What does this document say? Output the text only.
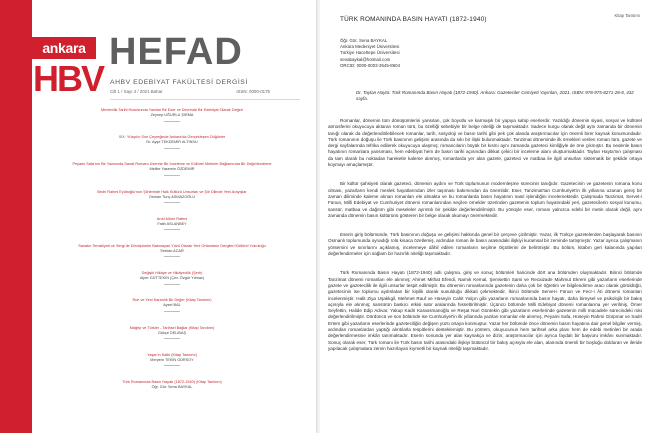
ankara
HBV
HEFAD
AHBV EDEBİYAT FAKÜLTESİ DERGİSİ
Cilt 1 / Sayı 4 / 2021 Bahar	ISSN: 0000-0175
Mevlevilik Tarihi Hususunda Yazılan Bir Eser ve Devrinde Bir Edebiyat Olarak Değeri
Zeynep UĞURLU ŞIRMA
XIX. Yüzyılın Son Çeyreğinde Ankara'da Gerçekleşen Düğünler
Dr. Ayşe TEKDEMİR ALTINSU
Peyami Safa'nın Bir Yazısında Sanat Romanı Üzerine Bir İnceleme ve Kültürel Metinler Bağlamında Bir Değerlendirme
Melike Yasemin ÖZDEMİR
Bedri Rahmi Eyüboğlu'nun Şiirlerinde Halk Kültürü Unsurları ve Şiir Dilinde Yeni Arayışlar
Osman Tunç ASMAZOĞLU
Ardıl Münir Rafeni
Fatih ASLANBEY
Sanatın Temsiliyeti ve Sergi ile Dönüşümün Bakmayan Yüzü Olarak Yeni Ortamların Dergileri Kültürel Yolculuğu
Serkan ACAR
Değişik Hikâye ve Hikâyecilik (Şerh)
Alper GÜTTEKİN (Çev. Özgür Yılmaz)
Ruh ve Yeni Karanlık Bir Değer (Kitap Tanıtımı)
Aysel BAL
Mağrip ve Türkler - Tarihsel Bağlar (Kitap Tanıtımı)
Gökçe DELİBAŞ
Yaşar'ın Kalbi (Kitap Tanıtımı)
Meryem TEKİN GÜRSOY
Türk Romanında Basın Hayatı (1872-1940) (Kitap Tanıtımı)
Öğr. Gör. Sena BAYKAL
Kitap Tanıtımı
TÜRK ROMANINDA BASIN HAYATI (1872-1940)
Öğr. Gör. Sena BAYKAL
Ankara Medeniyet Üniversitesi
Türkiye Hacettepe Üniversitesi
senabaykal@hotmail.com
ORCID: 0000-0003-3545-8604
Dr. Taylan Hayta: Türk Romanında Basın Hayatı (1872-1940). Ankara: Gazeteciler Cemiyeti Yayınları, 2021. ISBN: 978-975-8271-28-8, 432 sayfa.

Romanlar, dönemin tüm dönüşümlerini yansıtan, çok boyutlu ve karmaşık bir yapıya sahip eserlerdir. Yazıldığı dönemin siyasi, sosyal ve kültürel atmosferini okuyucuya aktaran roman türü, bu özelliği sebebiyle bir belge niteliği de taşımaktadır. Sadece kurgu olarak değil aynı zamanda bir dönemin tanığı olarak da değerlendirilebilecek romanlar, tarih, sosyoloji ve basın tarihi gibi pek çok alanda araştırmacılar için önemli birer kaynak konumundadır. Türk romanının doğuşu ile Türk basınının gelişimi arasında da sıkı bir ilişki bulunmaktadır. Tanzimat döneminde ilk örnekleri verilen roman türü, gazete ve dergi sayfalarında tefrika edilerek okuyucuya ulaşmış; romancıların büyük bir kısmı aynı zamanda gazeteci kimliğiyle de öne çıkmıştır. Bu nedenle basın hayatının romanlara yansıması, hem edebiyat hem de basın tarihi açısından dikkat çekici bir inceleme alanı oluşturmaktadır. Taylan Hayta'nın çalışması da tam olarak bu noktadan hareketle kaleme alınmış, romanlarda yer alan gazete, gazeteci ve matbaa ile ilgili unsurları sistematik bir şekilde ortaya koymayı amaçlamıştır.

Bir kültür şahsiyeti olarak gazeteci, dönemin aydını ve Türk toplumunun modernleşme sürecinin tanığıdır. Gazetecinin ve gazetenin romana konu olması, yazarların kendi meslek hayatlarından izler taşıması bakımından da önemlidir. Eser, Tanzimat'tan Cumhuriyet'in ilk yıllarına uzanan geniş bir zaman diliminde kaleme alınan romanları ele almakta ve bu romanlarda basın hayatının nasıl işlendiğini incelemektedir. Çalışmada Tanzimat, Servet-i Fünun, Milli Edebiyat ve Cumhuriyet dönemi romanlarından seçilen örnekler üzerinden gazetenin toplum hayatındaki yeri, gazetecilerin sosyal konumu, sansür, matbaa ve dağıtım gibi meseleler ayrıntılı bir şekilde değerlendirilmiştir. Bu yönüyle eser, romanı yalnızca edebi bir metin olarak değil, aynı zamanda dönemin basın kültürünü gösteren bir belge olarak okumayı önermektedir.

Eserin giriş bölümünde, Türk basınının doğuşu ve gelişimi hakkında genel bir çerçeve çizilmiştir. Yazar, ilk Türkçe gazetelerden başlayarak basının Osmanlı toplumunda oynadığı rolü kısaca özetlemiş, ardından roman ile basın arasındaki ilişkiyi kuramsal bir zeminde tartışmıştır. Yazar ayrıca çalışmanın yöntemini ve sınırlarını açıklamış, incelemeye dâhil edilen romanların seçilme ölçütlerini de belirtmiştir. Bu bölüm, kitabın geri kalanında yapılan değerlendirmeler için sağlam bir hazırlık niteliği taşımaktadır.

Türk Romanında Basın Hayatı (1872-1940) adlı çalışma, giriş ve sonuç bölümleri haricinde dört ana bölümden oluşmaktadır. Birinci bölümde Tanzimat dönemi romanları ele alınmış; Ahmet Mithat Efendi, Namık Kemal, Şemsettin Sami ve Recaizade Mahmut Ekrem gibi yazarların eserlerinde gazete ve gazetecilik ile ilgili unsurlar tespit edilmiştir. Bu dönemin romanlarında gazetenin daha çok bir öğretim ve bilgilendirme aracı olarak görüldüğü, gazetecinin ise toplumu aydınlatan bir kişilik olarak sunulduğu dikkati çekmektedir. İkinci bölümde Servet-i Fünun ve Fecr-i Âti dönemi romanları incelenmiştir. Halit Ziya Uşaklıgil, Mehmet Rauf ve Hüseyin Cahit Yalçın gibi yazarların romanlarında basın hayatı, daha bireysel ve psikolojik bir bakış açısıyla ele alınmış; sansürün baskıcı etkisi satır aralarında hissettirilmiştir. Üçüncü bölümde Milli Edebiyat dönemi romanlarına yer verilmiş, Ömer Seyfettin, Halide Edip Adıvar, Yakup Kadri Karaosmanoğlu ve Reşat Nuri Güntekin gibi yazarların eserlerinde gazetenin milli mücadele sürecindeki rolü değerlendirilmiştir. Dördüncü ve son bölümde ise Cumhuriyet'in ilk yıllarında yazılan romanlar ele alınmış, Peyami Safa, Hüseyin Rahmi Gürpınar ve Sadri Ertem gibi yazarların eserlerinde gazeteciliğin değişen yüzü ortaya konmuştur. Yazar her bölümde önce dönemin basın hayatına dair genel bilgiler vermiş, ardından romanlardan yaptığı alıntılarla tespitlerini desteklemiştir. Bu yöntem, okuyucunun hem tarihsel arka planı hem de edebi metinleri bir arada değerlendirmesine imkân tanımaktadır. Eserin sonunda yer alan kaynakça ve dizin, araştırmacılar için ayrıca faydalı bir başvuru imkânı sunmaktadır. Sonuç olarak eser, Türk romanı ile Türk basın tarihi arasındaki ilişkiyi bütüncül bir bakış açısıyla ele alan, alanında önemli bir boşluğu dolduran ve ileride yapılacak çalışmalara zemin hazırlayan kıymetli bir kaynak niteliği taşımaktadır.
